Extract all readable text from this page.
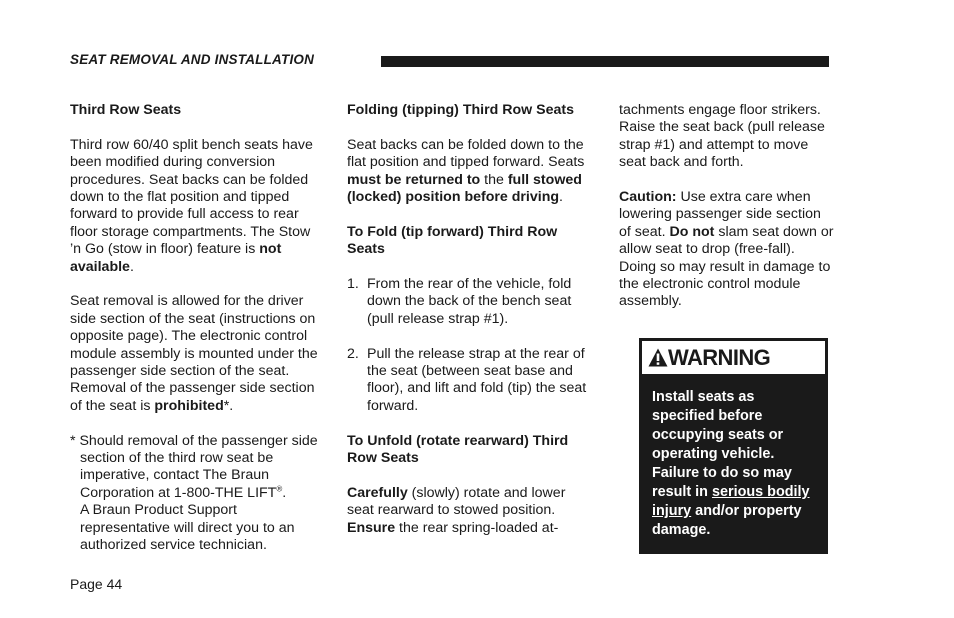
SEAT REMOVAL AND INSTALLATION

Third Row Seats

Third row 60/40 split bench seats have been modified during conversion procedures. Seat backs can be folded down to the flat position and tipped forward to provide full access to rear floor storage compartments. The Stow ’n Go (stow in floor) feature is not available.

Seat removal is allowed for the driver side section of the seat (instructions on opposite page). The electronic control module assembly is mounted under the passenger side section of the seat. Removal of the passenger side section of the seat is prohibited*.

* Should removal of the passenger side section of the third row seat be imperative, contact The Braun Corporation at 1-800-THE LIFT®.
A Braun Product Support representative will direct you to an authorized service technician.

Folding (tipping) Third Row Seats

Seat backs can be folded down to the flat position and tipped forward. Seats must be returned to the full stowed (locked) position before driving.

To Fold (tip forward) Third Row Seats

1. From the rear of the vehicle, fold down the back of the bench seat (pull release strap #1).
2. Pull the release strap at the rear of the seat (between seat base and floor), and lift and fold (tip) the seat forward.

To Unfold (rotate rearward) Third Row Seats

Carefully (slowly) rotate and lower seat rearward to stowed position. Ensure the rear spring-loaded at-

tachments engage floor strikers. Raise the seat back (pull release strap #1) and attempt to move seat back and forth.

Caution: Use extra care when lowering passenger side section of seat. Do not slam seat down or allow seat to drop (free-fall). Doing so may result in damage to the electronic control module assembly.

WARNING
Install seats as specified before occupying seats or operating vehicle. Failure to do so may result in serious bodily injury and/or property damage.
Page 44
